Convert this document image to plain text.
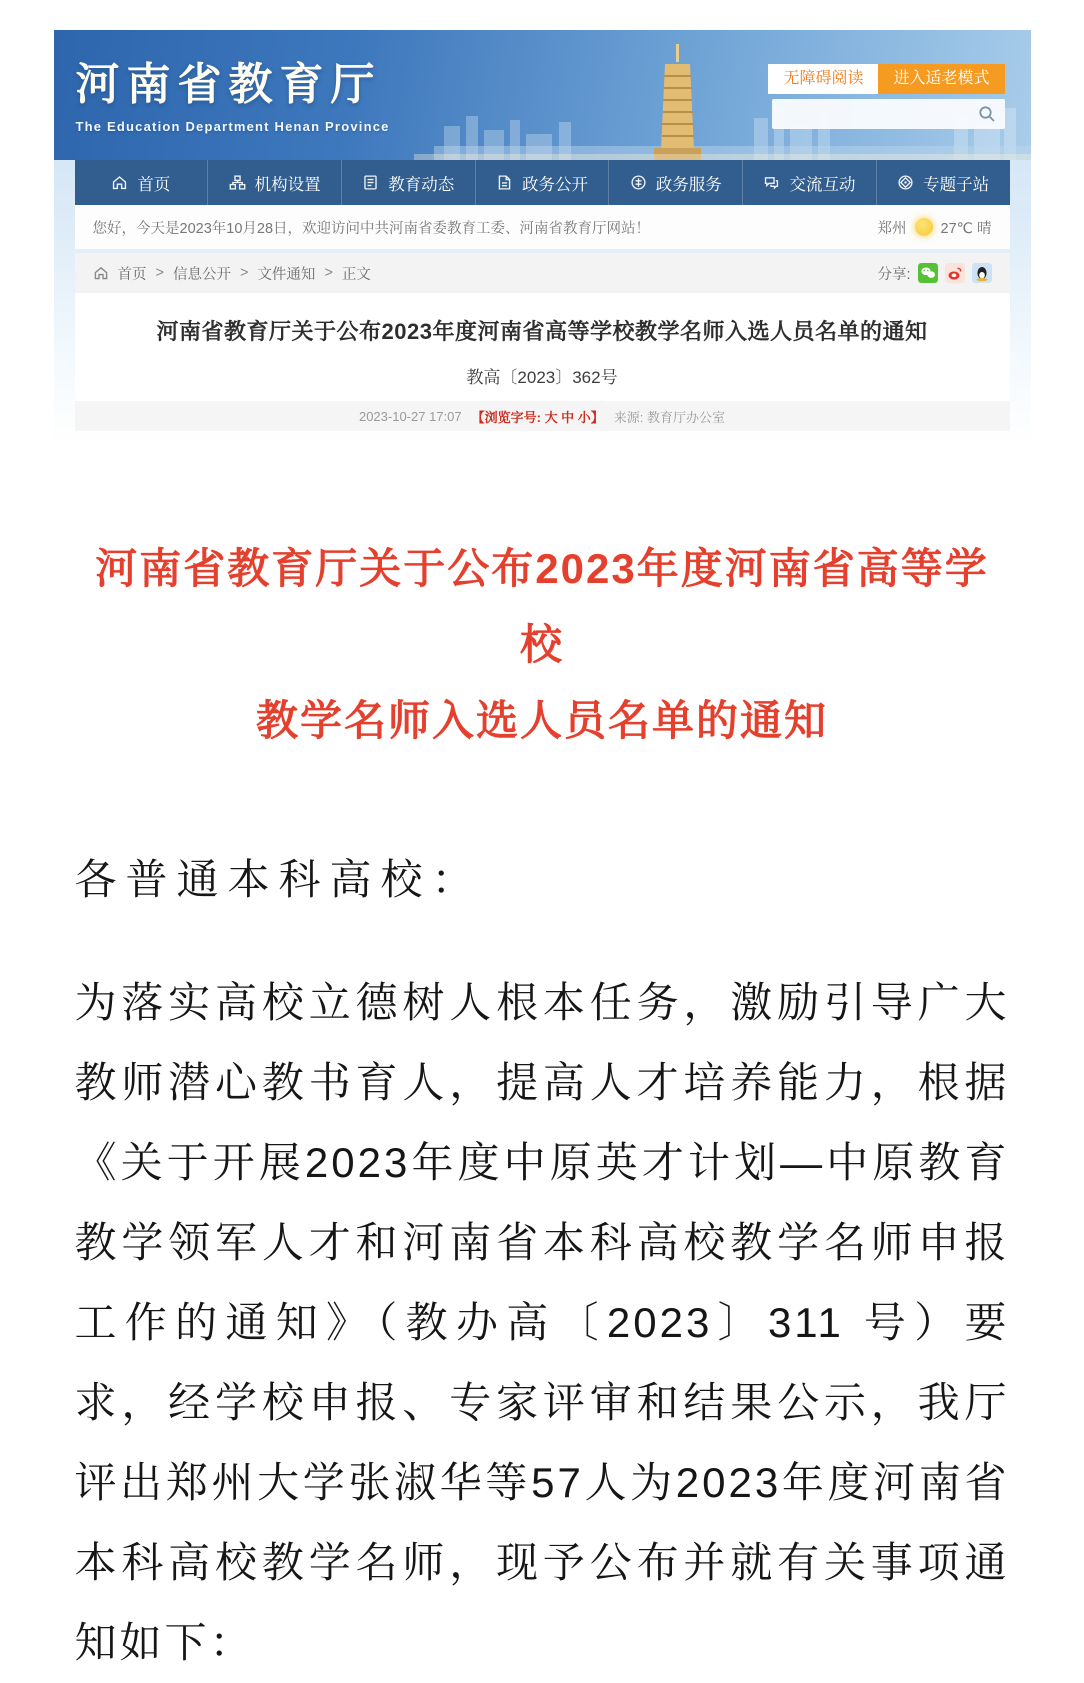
河南省教育厅
The Education Department Henan Province
无障碍阅读	进入适老模式
首页	机构设置	教育动态	政务公开	政务服务	交流互动	专题子站
您好，今天是2023年10月28日，欢迎访问中共河南省委教育工委、河南省教育厅网站！	郑州 27℃ 晴
首页 > 信息公开 > 文件通知 > 正文	分享:
河南省教育厅关于公布2023年度河南省高等学校教学名师入选人员名单的通知
教高〔2023〕362号
2023-10-27 17:07 【浏览字号: 大 中 小】 来源: 教育厅办公室
河南省教育厅关于公布2023年度河南省高等学校
教学名师入选人员名单的通知
各普通本科高校：
为落实高校立德树人根本任务，激励引导广大教师潜心教书育人，提高人才培养能力，根据《关于开展2023年度中原英才计划—中原教育教学领军人才和河南省本科高校教学名师申报工作的通知》（教办高〔2023〕311 号）要求，经学校申报、专家评审和结果公示，我厅评出郑州大学张淑华等57人为2023年度河南省本科高校教学名师，现予公布并就有关事项通知如下：
